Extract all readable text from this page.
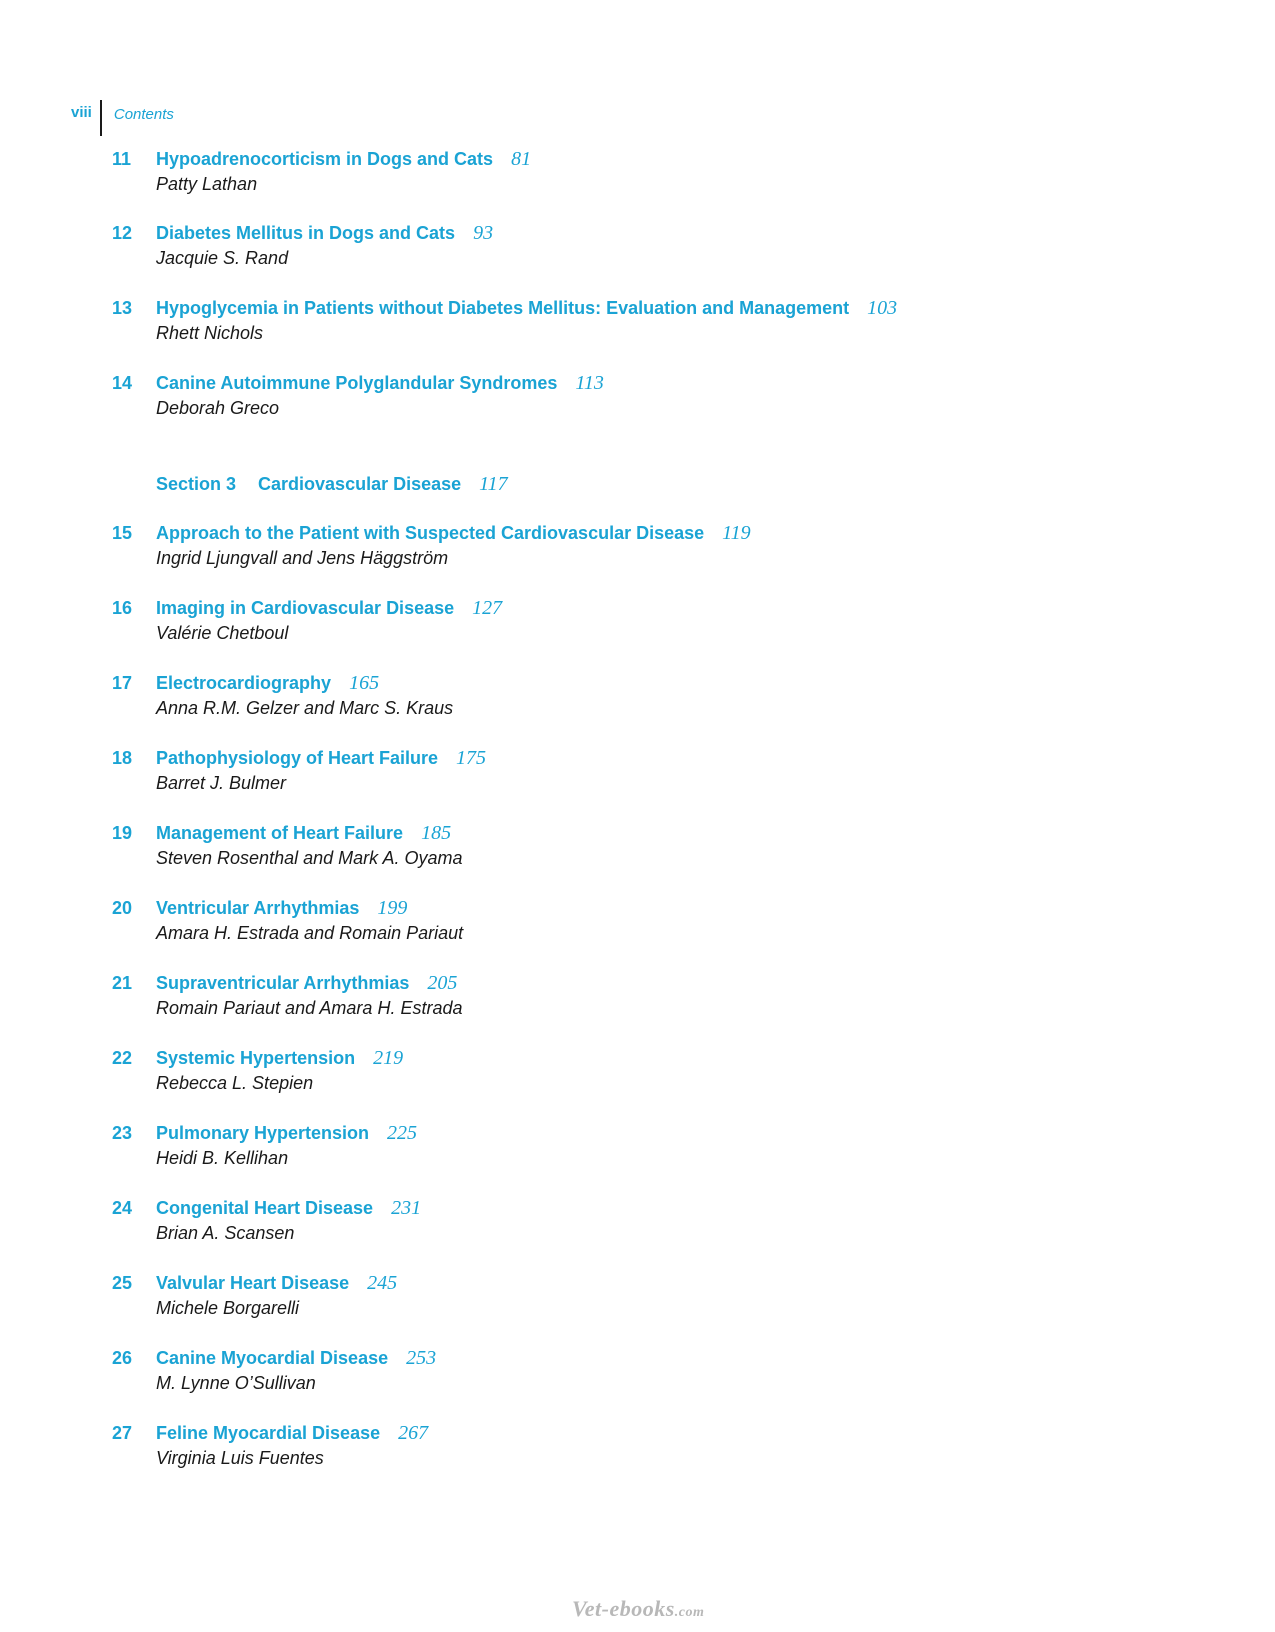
viii	Contents
11 Hypoadrenocorticism in Dogs and Cats 81
Patty Lathan
12 Diabetes Mellitus in Dogs and Cats 93
Jacquie S. Rand
13 Hypoglycemia in Patients without Diabetes Mellitus: Evaluation and Management 103
Rhett Nichols
14 Canine Autoimmune Polyglandular Syndromes 113
Deborah Greco
Section 3 Cardiovascular Disease 117
15 Approach to the Patient with Suspected Cardiovascular Disease 119
Ingrid Ljungvall and Jens Häggström
16 Imaging in Cardiovascular Disease 127
Valérie Chetboul
17 Electrocardiography 165
Anna R.M. Gelzer and Marc S. Kraus
18 Pathophysiology of Heart Failure 175
Barret J. Bulmer
19 Management of Heart Failure 185
Steven Rosenthal and Mark A. Oyama
20 Ventricular Arrhythmias 199
Amara H. Estrada and Romain Pariaut
21 Supraventricular Arrhythmias 205
Romain Pariaut and Amara H. Estrada
22 Systemic Hypertension 219
Rebecca L. Stepien
23 Pulmonary Hypertension 225
Heidi B. Kellihan
24 Congenital Heart Disease 231
Brian A. Scansen
25 Valvular Heart Disease 245
Michele Borgarelli
26 Canine Myocardial Disease 253
M. Lynne O’Sullivan
27 Feline Myocardial Disease 267
Virginia Luis Fuentes
Vet-ebooks.com
